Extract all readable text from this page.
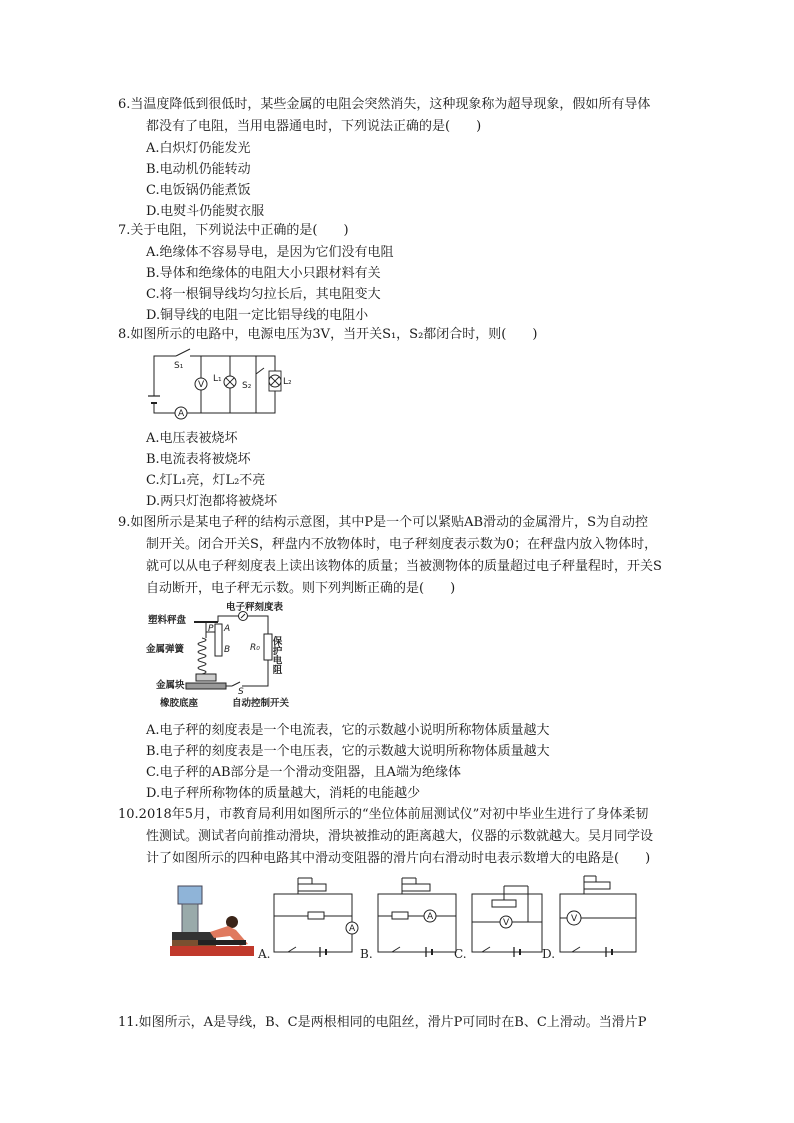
6.当温度降低到很低时，某些金属的电阻会突然消失，这种现象称为超导现象，假如所有导体
都没有了电阻，当用电器通电时，下列说法正确的是(　　)
A.白炽灯仍能发光
B.电动机仍能转动
C.电饭锅仍能煮饭
D.电熨斗仍能熨衣服
7.关于电阻，下列说法中正确的是(　　)
A.绝缘体不容易导电，是因为它们没有电阻
B.导体和绝缘体的电阻大小只跟材料有关
C.将一根铜导线均匀拉长后，其电阻变大
D.铜导线的电阻一定比铝导线的电阻小
8.如图所示的电路中，电源电压为3V，当开关S₁，S₂都闭合时，则(　　)
S₁
V
L₁
S₂	L₂
A
A.电压表被烧坏
B.电流表将被烧坏
C.灯L₁亮，灯L₂不亮
D.两只灯泡都将被烧坏
9.如图所示是某电子秤的结构示意图，其中P是一个可以紧贴AB滑动的金属滑片，S为自动控
制开关。闭合开关S，秤盘内不放物体时，电子秤刻度表示数为0；在秤盘内放入物体时，
就可以从电子秤刻度表上读出该物体的质量；当被测物体的质量超过电子秤量程时，开关S
自动断开，电子秤无示数。则下列判断正确的是(　　)
电子秤刻度表
塑料秤盘
金属弹簧
金属块
橡胶底座	自动控制开关
P A
B R₀
S
保护电阻
A.电子秤的刻度表是一个电流表，它的示数越小说明所称物体质量越大
B.电子秤的刻度表是一个电压表，它的示数越大说明所称物体质量越大
C.电子秤的AB部分是一个滑动变阻器，且A端为绝缘体
D.电子秤所称物体的质量越大，消耗的电能越少
10.2018年5月，市教育局利用如图所示的“坐位体前屈测试仪”对初中毕业生进行了身体柔韧
性测试。测试者向前推动滑块，滑块被推动的距离越大，仪器的示数就越大。吴月同学设
计了如图所示的四种电路其中滑动变阻器的滑片向右滑动时电表示数增大的电路是(　　)
A
A
V	V
A.	B.	C.	D.
11.如图所示，A是导线，B、C是两根相同的电阻丝，滑片P可同时在B、C上滑动。当滑片P
